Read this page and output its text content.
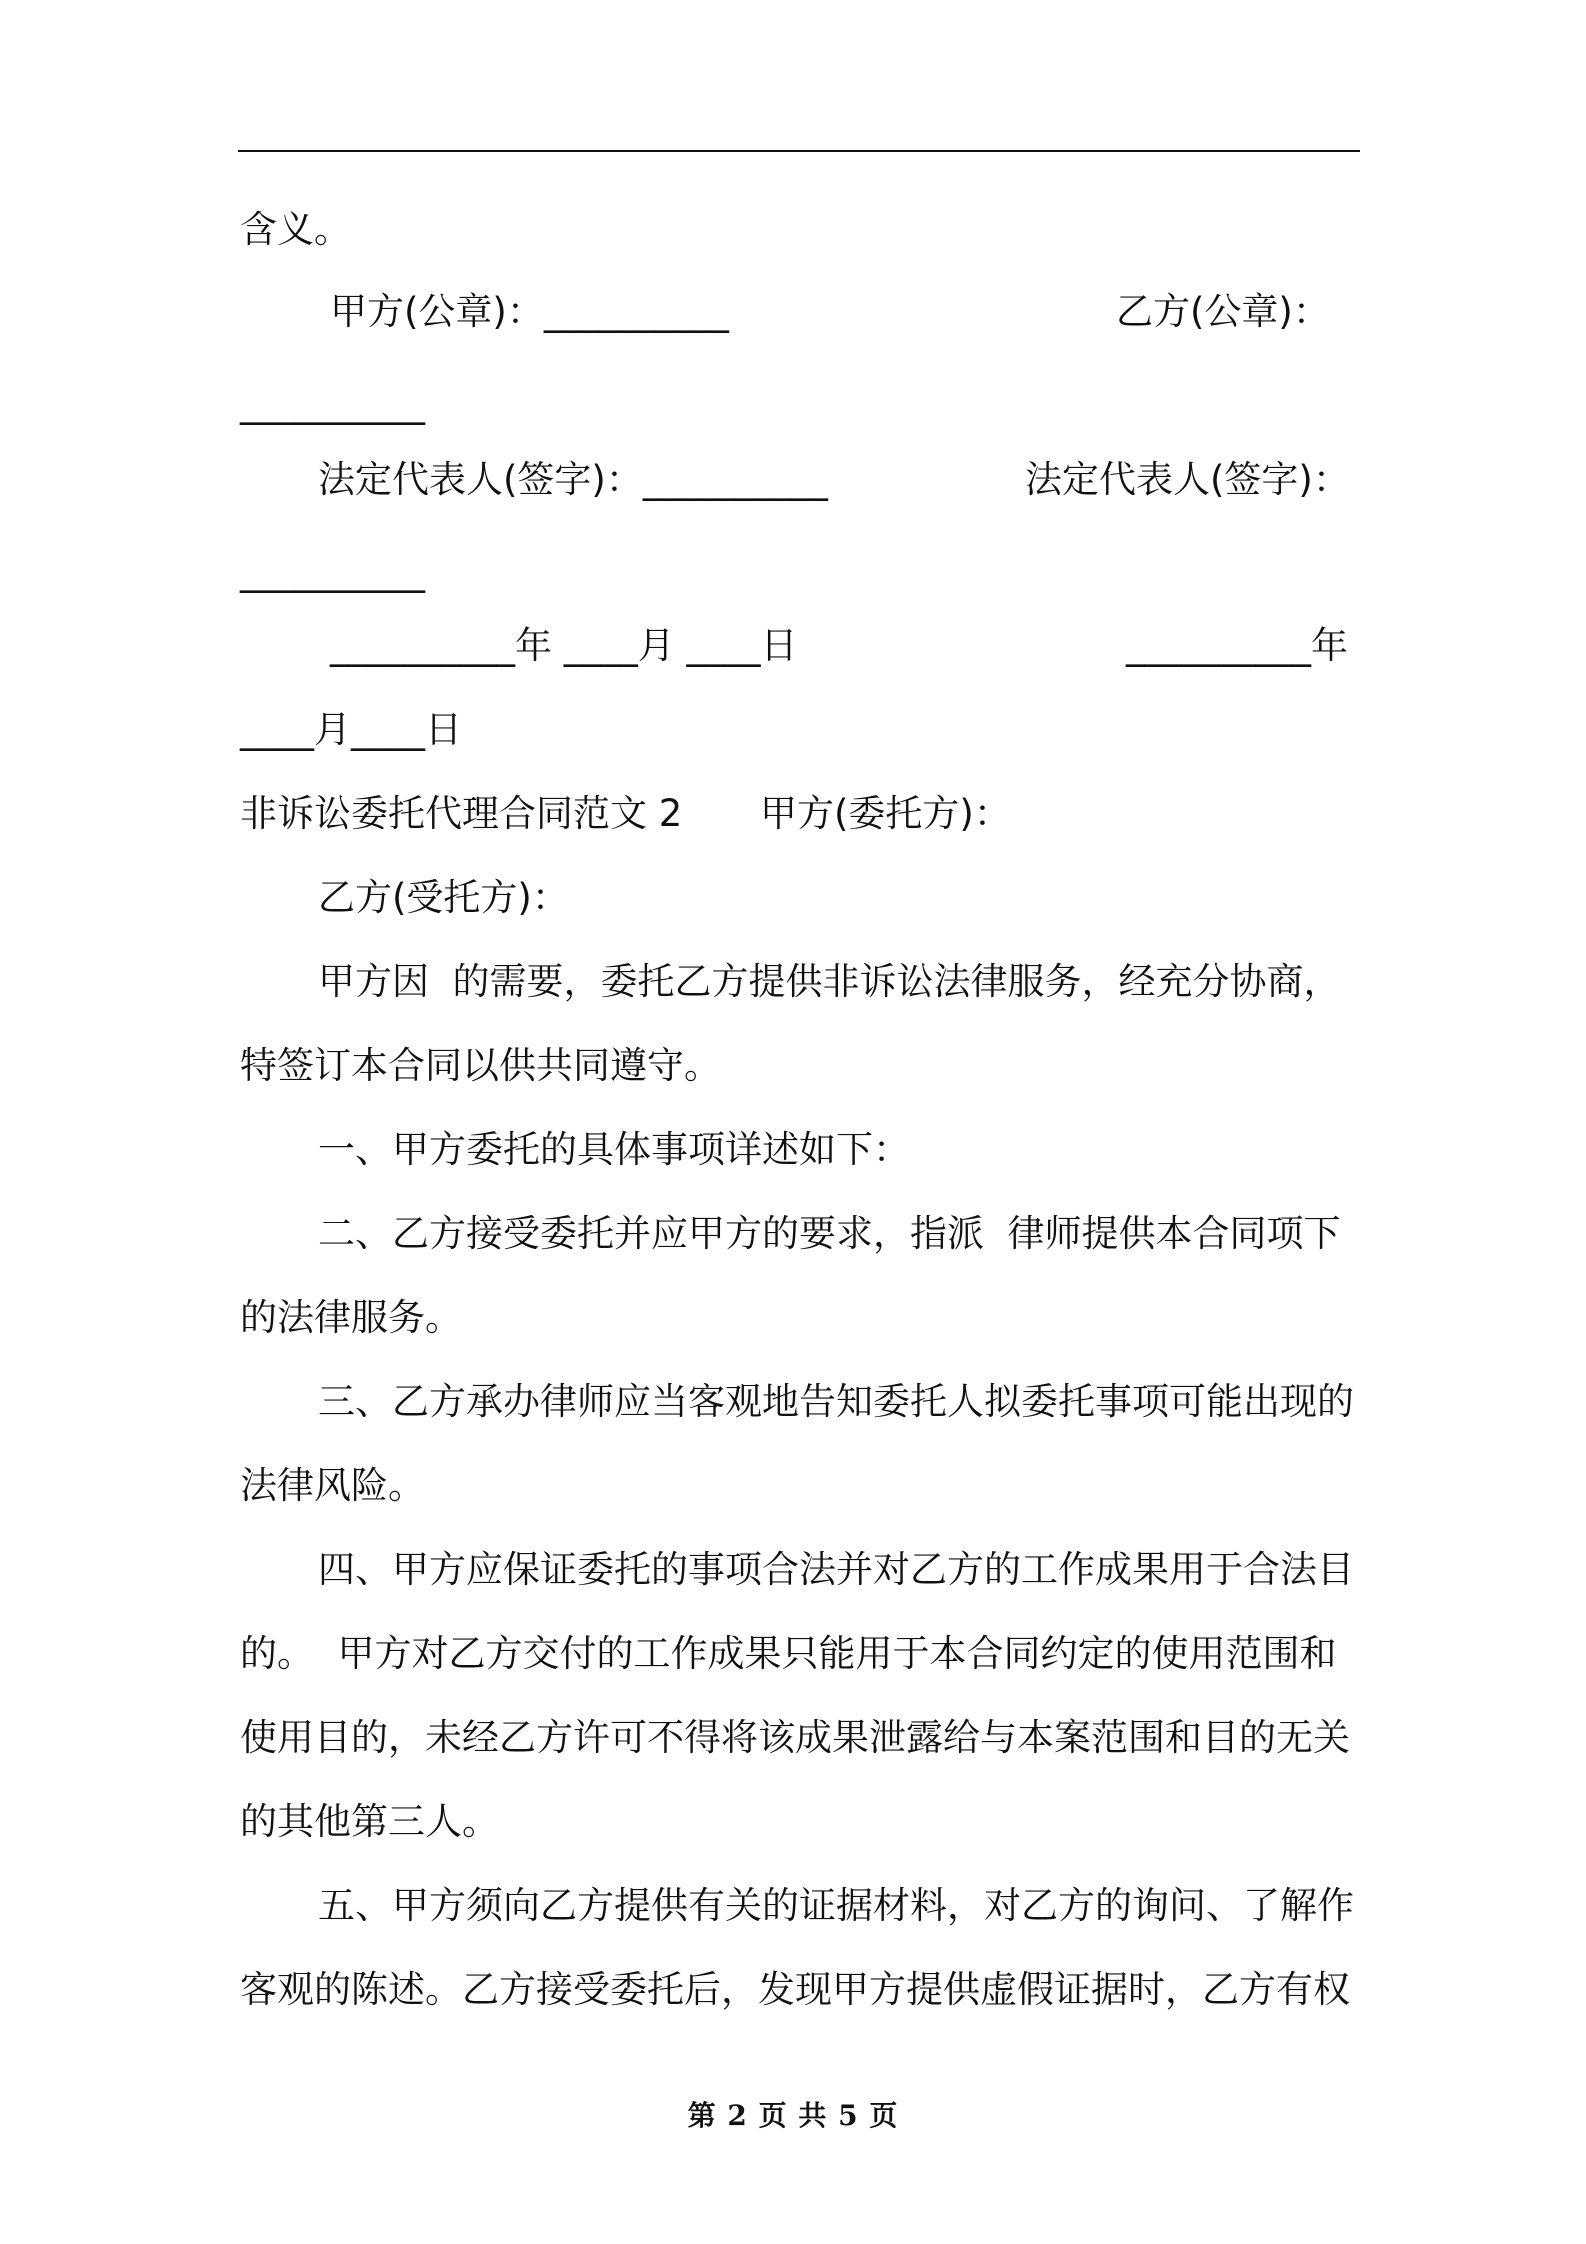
含义。
甲方(公章)：__________	乙方(公章)：
__________
法定代表人(签字)：__________	法定代表人(签字)：
__________
__________年 ____月 ____日	__________年
____月____日
非诉讼委托代理合同范文 2 甲方(委托方)：
乙方(受托方)：
甲方因  的需要，委托乙方提供非诉讼法律服务，经充分协商，
特签订本合同以供共同遵守。
一、甲方委托的具体事项详述如下：
二、乙方接受委托并应甲方的要求，指派  律师提供本合同项下
的法律服务。
三、乙方承办律师应当客观地告知委托人拟委托事项可能出现的
法律风险。
四、甲方应保证委托的事项合法并对乙方的工作成果用于合法目
的。  甲方对乙方交付的工作成果只能用于本合同约定的使用范围和
使用目的，未经乙方许可不得将该成果泄露给与本案范围和目的无关
的其他第三人。
五、甲方须向乙方提供有关的证据材料，对乙方的询问、了解作
客观的陈述。乙方接受委托后，发现甲方提供虚假证据时，乙方有权
第 2 页 共 5 页
